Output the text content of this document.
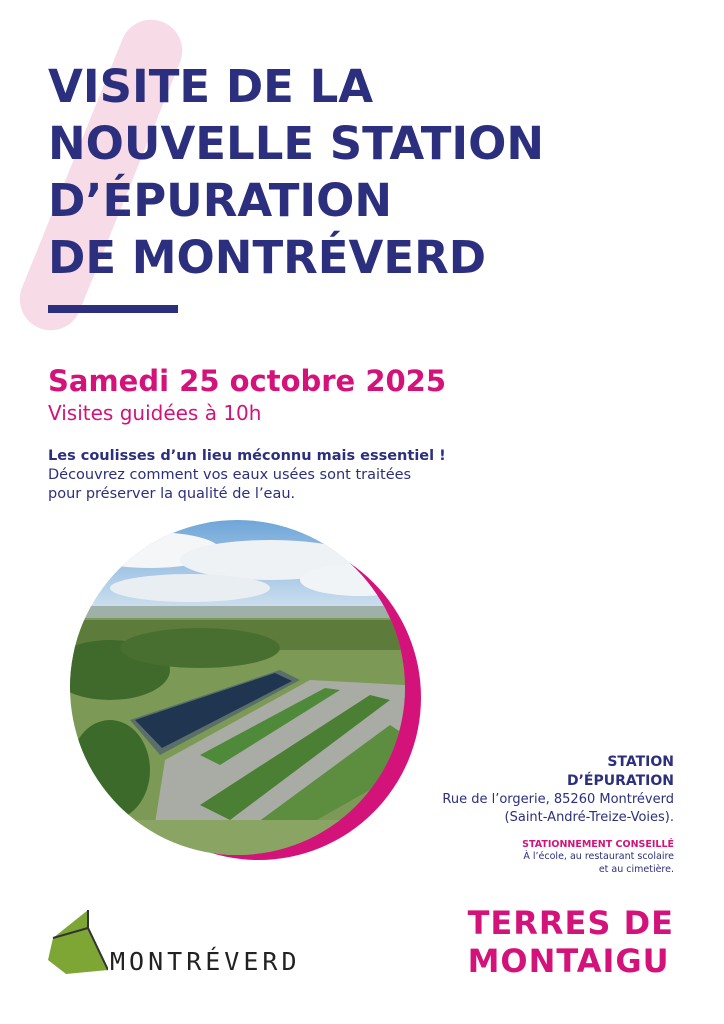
VISITE DE LA
NOUVELLE STATION
D’ÉPURATION
DE MONTRÉVERD

Samedi 25 octobre 2025

Visites guidées à 10h

Les coulisses d’un lieu méconnu mais essentiel !
Découvrez comment vos eaux usées sont traitées
pour préserver la qualité de l’eau.

STATION
D’ÉPURATION
Rue de l’orgerie, 85260 Montréverd
(Saint-André-Treize-Voies).
STATIONNEMENT CONSEILLÉ
À l’école, au restaurant scolaire
et au cimetière.

MONTRÉVERD

TERRES DE
MONTAIGU
